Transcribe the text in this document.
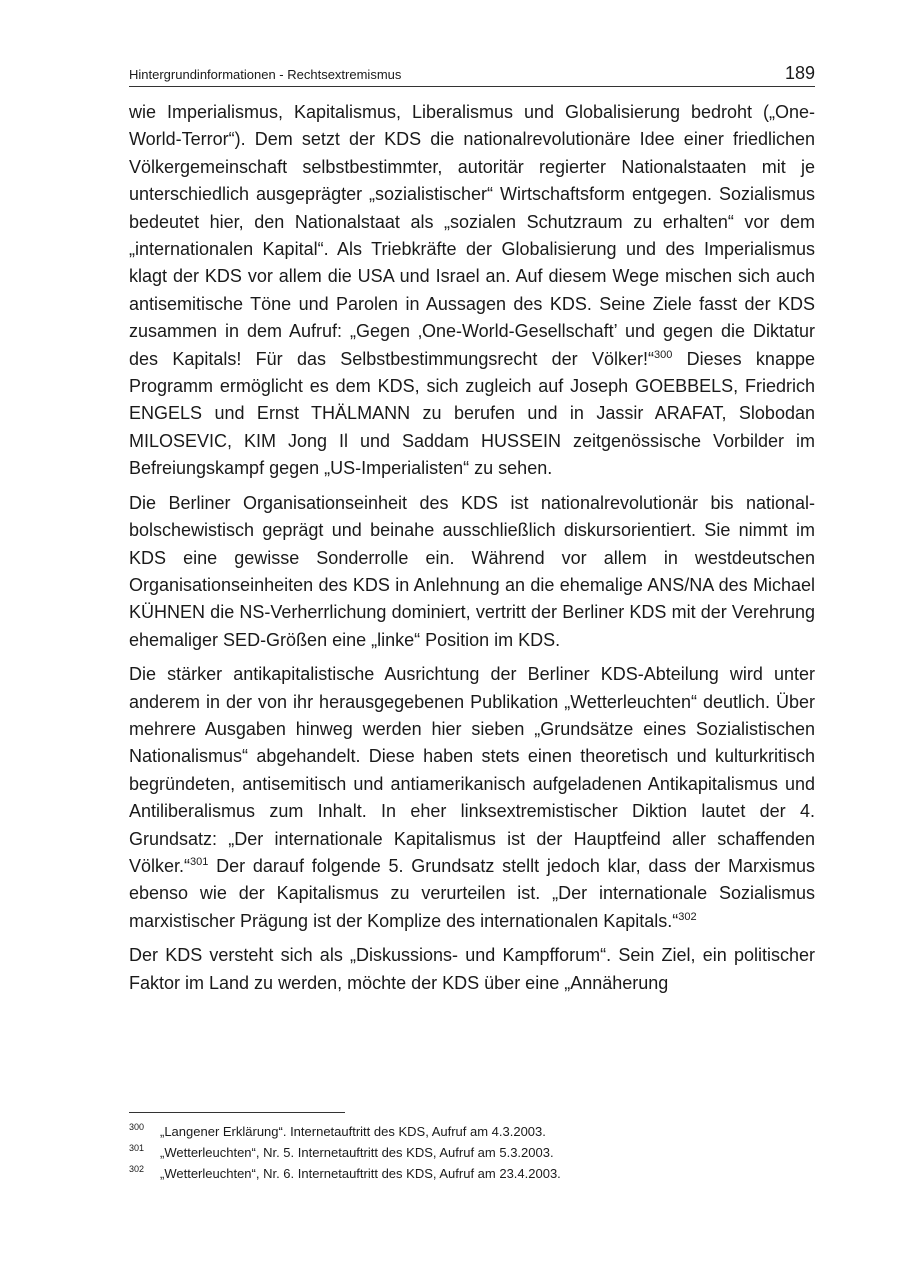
Hintergrundinformationen - Rechtsextremismus	189

wie Imperialismus, Kapitalismus, Liberalismus und Globalisierung bedroht („One-World-Terror“). Dem setzt der KDS die nationalrevolutionäre Idee einer friedlichen Völkergemeinschaft selbstbestimmter, autoritär regierter Nationalstaaten mit je unterschiedlich ausgeprägter „sozialistischer“ Wirtschaftsform entgegen. Sozialismus bedeutet hier, den Nationalstaat als „sozialen Schutzraum zu erhalten“ vor dem „internationalen Kapital“. Als Triebkräfte der Globalisierung und des Imperialismus klagt der KDS vor allem die USA und Israel an. Auf diesem Wege mischen sich auch antisemitische Töne und Parolen in Aussagen des KDS. Seine Ziele fasst der KDS zusammen in dem Aufruf: „Gegen ‚One-World-Gesellschaft’ und gegen die Diktatur des Kapitals! Für das Selbstbestimmungsrecht der Völker!“$^{300}$ Dieses knappe Programm ermöglicht es dem KDS, sich zugleich auf Joseph GOEBBELS, Friedrich ENGELS und Ernst THÄLMANN zu berufen und in Jassir ARAFAT, Slobodan MILOSEVIC, KIM Jong Il und Saddam HUSSEIN zeitgenössische Vorbilder im Befreiungskampf gegen „US-Imperialisten“ zu sehen.

Die Berliner Organisationseinheit des KDS ist nationalrevolutionär bis nationalbolschewistisch geprägt und beinahe ausschließlich diskursorientiert. Sie nimmt im KDS eine gewisse Sonderrolle ein. Während vor allem in westdeutschen Organisationseinheiten des KDS in Anlehnung an die ehemalige ANS/NA des Michael KÜHNEN die NS-Verherrlichung dominiert, vertritt der Berliner KDS mit der Verehrung ehemaliger SED-Größen eine „linke“ Position im KDS.

Die stärker antikapitalistische Ausrichtung der Berliner KDS-Abteilung wird unter anderem in der von ihr herausgegebenen Publikation „Wetterleuchten“ deutlich. Über mehrere Ausgaben hinweg werden hier sieben „Grundsätze eines Sozialistischen Nationalismus“ abgehandelt. Diese haben stets einen theoretisch und kulturkritisch begründeten, antisemitisch und antiamerikanisch aufgeladenen Antikapitalismus und Antiliberalismus zum Inhalt. In eher linksextremistischer Diktion lautet der 4. Grundsatz: „Der internationale Kapitalismus ist der Hauptfeind aller schaffenden Völker.“$^{301}$ Der darauf folgende 5. Grundsatz stellt jedoch klar, dass der Marxismus ebenso wie der Kapitalismus zu verurteilen ist. „Der internationale Sozialismus marxistischer Prägung ist der Komplize des internationalen Kapitals.“$^{302}$

Der KDS versteht sich als „Diskussions- und Kampfforum“. Sein Ziel, ein politischer Faktor im Land zu werden, möchte der KDS über eine „Annäherung

300 „Langener Erklärung“. Internetauftritt des KDS, Aufruf am 4.3.2003.
301 „Wetterleuchten“, Nr. 5. Internetauftritt des KDS, Aufruf am 5.3.2003.
302 „Wetterleuchten“, Nr. 6. Internetauftritt des KDS, Aufruf am 23.4.2003.
